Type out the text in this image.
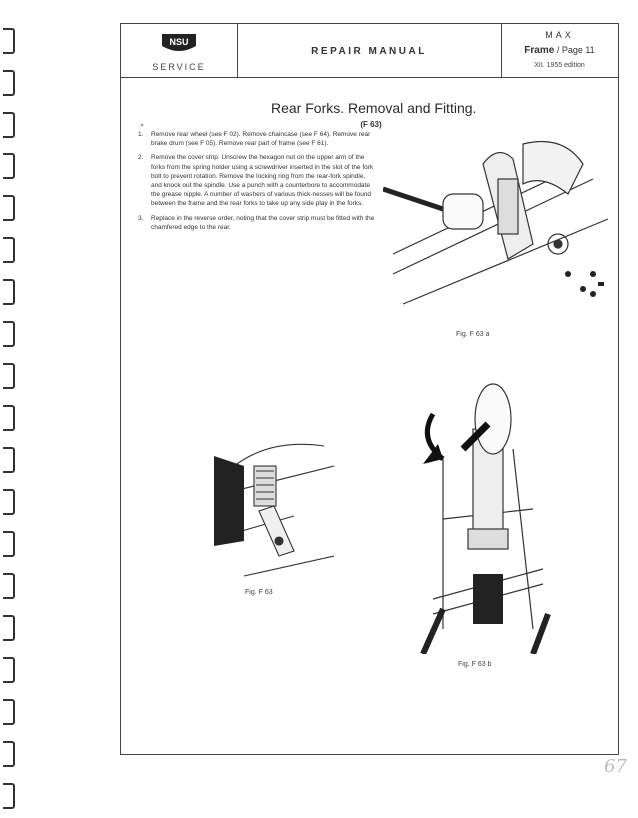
NSU
SERVICE
REPAIR MANUAL
MAX
Frame / Page 11
XII. 1955 edition
»
Rear Forks. Removal and Fitting.
(F 63)
1. Remove rear wheel (see F 02). Remove chaincase (see F 64). Remove rear brake drum (see F 05). Remove rear part of frame (see F 61).
2. Remove the cover strip. Unscrew the hexagon nut on the upper arm of the forks from the spring holder using a screwdriver inserted in the slot of the fork bolt to prevent rotation. Remove the locking ring from the rear-fork spindle, and knock out the spindle. Use a punch with a counterbore to accommodate the grease nipple. A number of washers of various thick-nesses will be found between the frame and the rear forks to take up any side play in the forks.
3. Replace in the reverse order, noting that the cover strip must be fitted with the chamfered edge to the rear.
Fig. F 63 a
Fig. F 63
Fig. F 63 b
67
